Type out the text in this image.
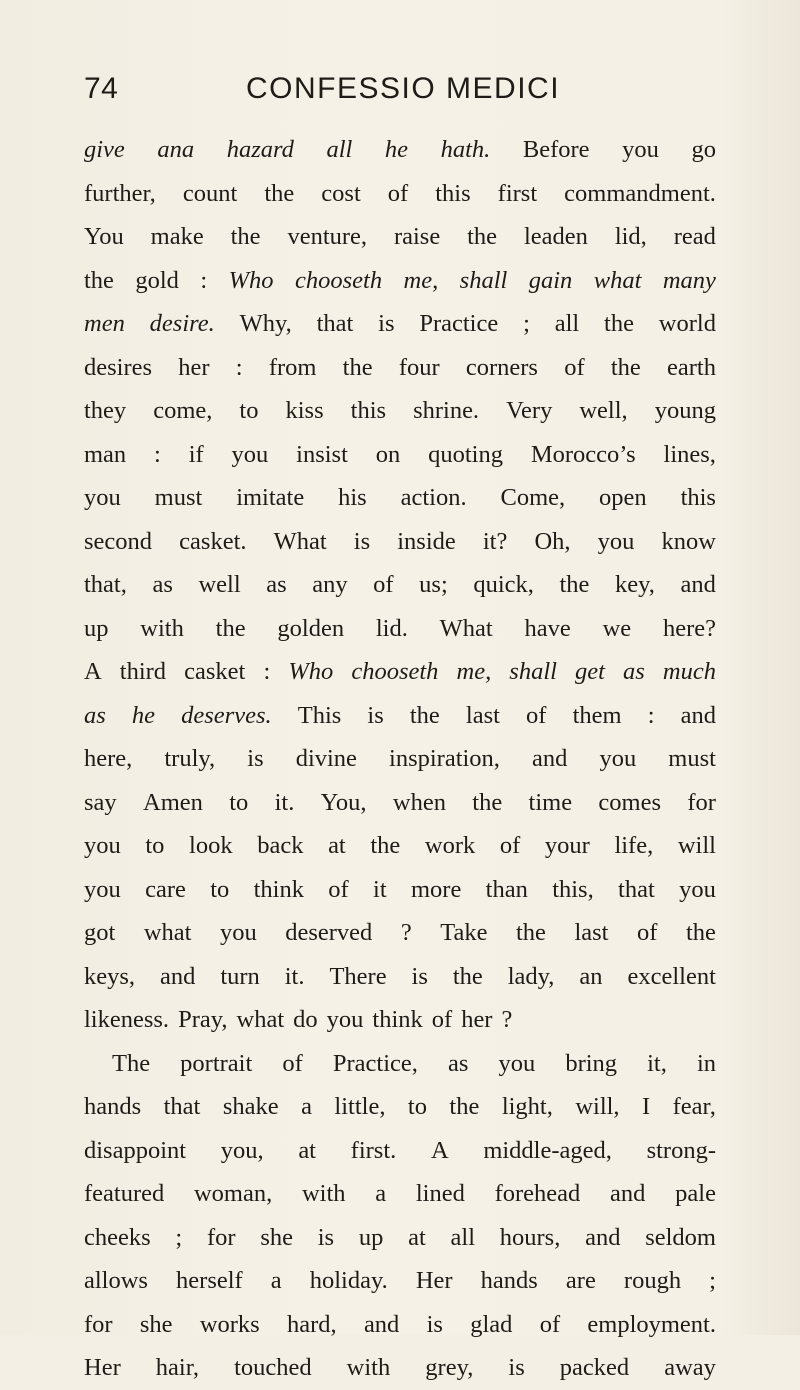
74	CONFESSIO MEDICI
give ana hazard all he hath. Before you go
further, count the cost of this first commandment.
You make the venture, raise the leaden lid, read
the gold : Who chooseth me, shall gain what many
men desire. Why, that is Practice ; all the world
desires her : from the four corners of the earth
they come, to kiss this shrine. Very well, young
man : if you insist on quoting Morocco’s lines,
you must imitate his action. Come, open this
second casket. What is inside it? Oh, you know
that, as well as any of us; quick, the key, and
up with the golden lid. What have we here?
A third casket : Who chooseth me, shall get as much
as he deserves. This is the last of them : and
here, truly, is divine inspiration, and you must
say Amen to it. You, when the time comes for
you to look back at the work of your life, will
you care to think of it more than this, that you
got what you deserved ? Take the last of the
keys, and turn it. There is the lady, an excellent
likeness. Pray, what do you think of her ?
The portrait of Practice, as you bring it, in
hands that shake a little, to the light, will, I fear,
disappoint you, at first. A middle-aged, strong-
featured woman, with a lined forehead and pale
cheeks ; for she is up at all hours, and seldom
allows herself a holiday. Her hands are rough ;
for she works hard, and is glad of employment.
Her hair, touched with grey, is packed away
